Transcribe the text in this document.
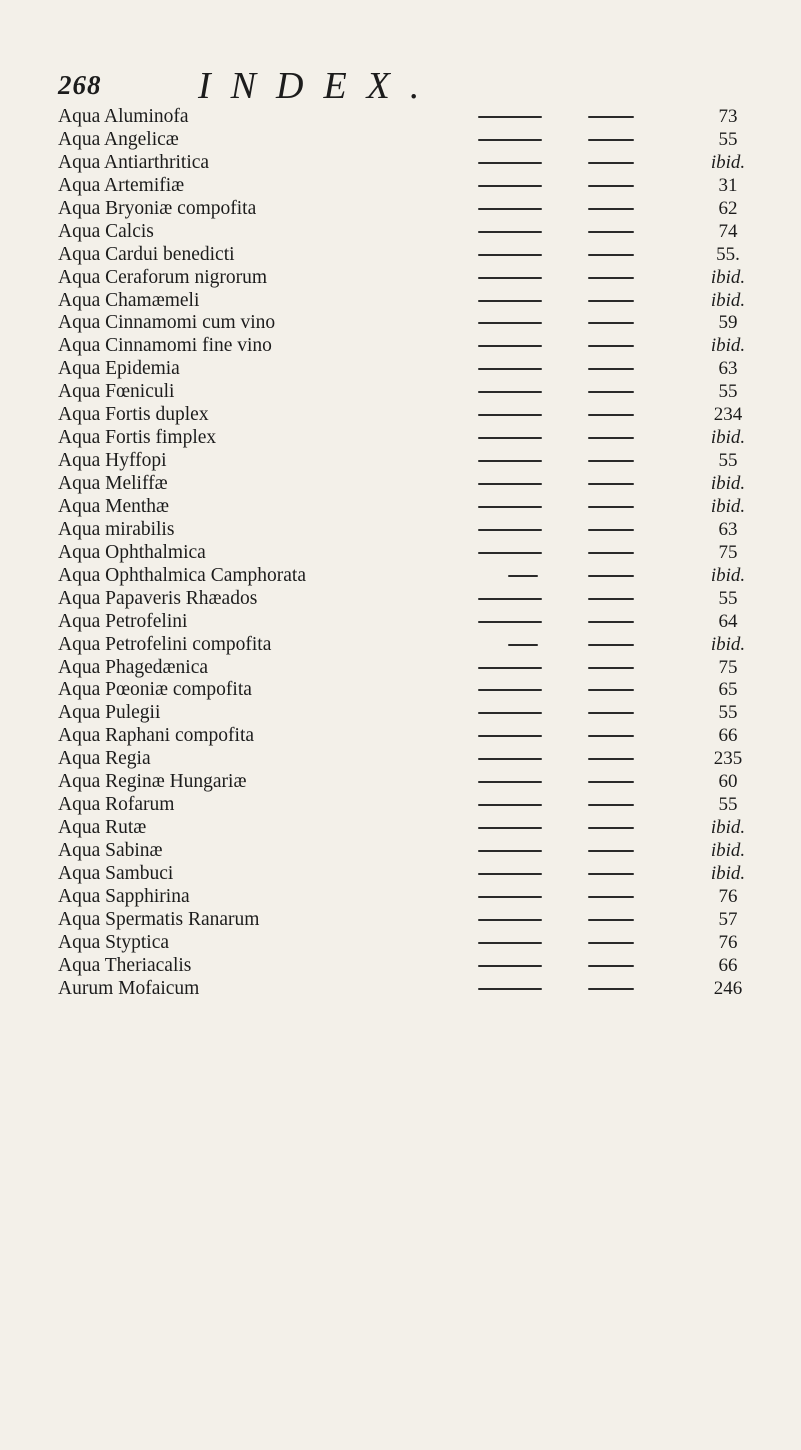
268	INDEX.
Aqua Aluminofa	73
Aqua Angelicæ	55
Aqua Antiarthritica	ibid.
Aqua Artemifiæ	31
Aqua Bryoniæ compofita	62
Aqua Calcis	74
Aqua Cardui benedicti	55.
Aqua Ceraforum nigrorum	ibid.
Aqua Chamæmeli	ibid.
Aqua Cinnamomi cum vino	59
Aqua Cinnamomi fine vino	ibid.
Aqua Epidemia	63
Aqua Fœniculi	55
Aqua Fortis duplex	234
Aqua Fortis fimplex	ibid.
Aqua Hyffopi	55
Aqua Meliffæ	ibid.
Aqua Menthæ	ibid.
Aqua mirabilis	63
Aqua Ophthalmica	75
Aqua Ophthalmica Camphorata	ibid.
Aqua Papaveris Rhæados	55
Aqua Petrofelini	64
Aqua Petrofelini compofita	ibid.
Aqua Phagedænica	75
Aqua Pœoniæ compofita	65
Aqua Pulegii	55
Aqua Raphani compofita	66
Aqua Regia	235
Aqua Reginæ Hungariæ	60
Aqua Rofarum	55
Aqua Rutæ	ibid.
Aqua Sabinæ	ibid.
Aqua Sambuci	ibid.
Aqua Sapphirina	76
Aqua Spermatis Ranarum	57
Aqua Styptica	76
Aqua Theriacalis	66
Aurum Mofaicum	246
